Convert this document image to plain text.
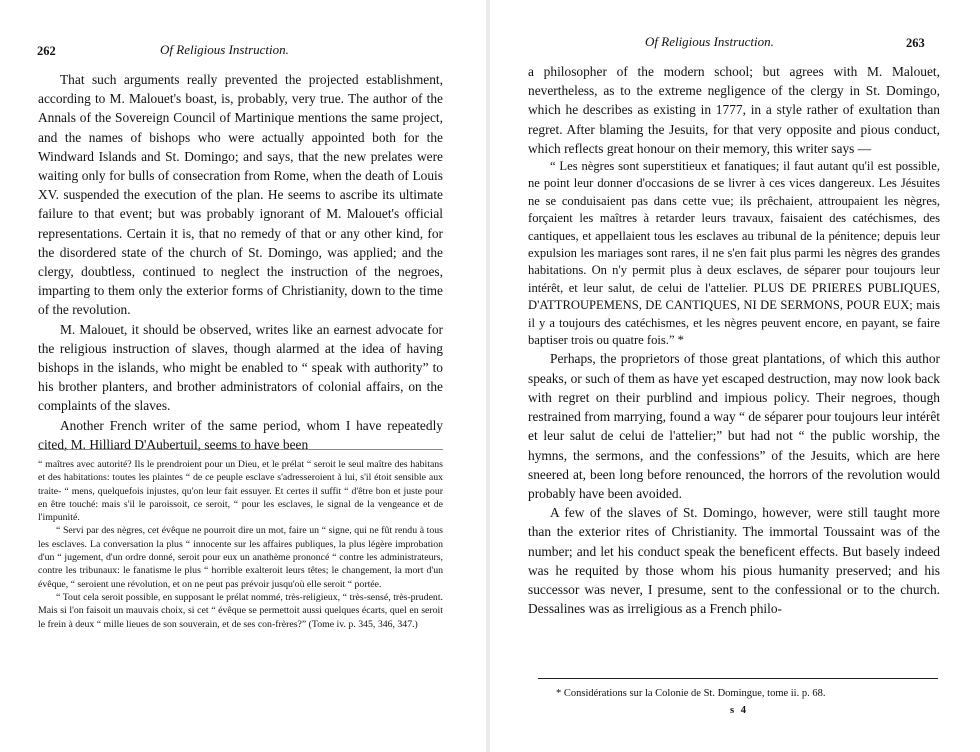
262	Of Religious Instruction.

That such arguments really prevented the projected establishment, according to M. Malouet's boast, is, probably, very true. The author of the Annals of the Sovereign Council of Martinique mentions the same project, and the names of bishops who were actually appointed both for the Windward Islands and St. Domingo; and says, that the new prelates were waiting only for bulls of consecration from Rome, when the death of Louis XV. suspended the execution of the plan. He seems to ascribe its ultimate failure to that event; but was probably ignorant of M. Malouet's official representations. Certain it is, that no remedy of that or any other kind, for the disordered state of the church of St. Domingo, was applied; and the clergy, doubtless, continued to neglect the instruction of the negroes, imparting to them only the exterior forms of Christianity, down to the time of the revolution.

M. Malouet, it should be observed, writes like an earnest advocate for the religious instruction of slaves, though alarmed at the idea of having bishops in the islands, who might be enabled to “ speak with authority” to his brother planters, and brother administrators of colonial affairs, on the complaints of the slaves.

Another French writer of the same period, whom I have repeatedly cited, M. Hilliard D'Aubertuil, seems to have been

“ maîtres avec autorité? Ils le prendroient pour un Dieu, et le prélat “ seroit le seul maître des habitans et des habitations: toutes les plaintes “ de ce peuple esclave s'adresseroient à lui, s'il étoit sensible aux traite- “ mens, quelquefois injustes, qu'on leur fait essuyer. Et certes il suffit “ d'être bon et juste pour en être touché: mais s'il le paroissoit, ce seroit, “ pour les esclaves, le signal de la vengeance et de l'impunité.

“ Servi par des nègres, cet évêque ne pourroit dire un mot, faire un “ signe, qui ne fût rendu à tous les esclaves. La conversation la plus “ innocente sur les affaires publiques, la plus légère improbation d'un “ jugement, d'un ordre donné, seroit pour eux un anathème prononcé “ contre les administrateurs, contre les tribunaux: le fanatisme le plus “ horrible exalteroit leurs têtes; le changement, la mort d'un évêque, “ seroient une révolution, et on ne peut pas prévoir jusqu'où elle seroit “ portée.

“ Tout cela seroit possible, en supposant le prélat nommé, très-religieux, “ très-sensé, très-prudent. Mais si l'on faisoit un mauvais choix, si cet “ évêque se permettoit aussi quelques écarts, quel en seroit le frein à deux “ mille lieues de son souverain, et de ses con-frères?” (Tome iv. p. 345, 346, 347.)

Of Religious Instruction.	263

a philosopher of the modern school; but agrees with M. Malouet, nevertheless, as to the extreme negligence of the clergy in St. Domingo, which he describes as existing in 1777, in a style rather of exultation than regret. After blaming the Jesuits, for that very opposite and pious conduct, which reflects great honour on their memory, this writer says —

“ Les nègres sont superstitieux et fanatiques; il faut autant qu'il est possible, ne point leur donner d'occasions de se livrer à ces vices dangereux. Les Jésuites ne se conduisaient pas dans cette vue; ils prêchaient, attroupaient les nègres, forçaient les maîtres à retarder leurs travaux, faisaient des catéchismes, des cantiques, et appellaient tous les esclaves au tribunal de la pénitence; depuis leur expulsion les mariages sont rares, il ne s'en fait plus parmi les nègres des grandes habitations. On n'y permit plus à deux esclaves, de séparer pour toujours leur intérêt, et leur salut, de celui de l'attelier. PLUS DE PRIERES PUBLIQUES, D'ATTROUPEMENS, DE CANTIQUES, NI DE SERMONS, POUR EUX; mais il y a toujours des catéchismes, et les nègres peuvent encore, en payant, se faire baptiser trois ou quatre fois.” *

Perhaps, the proprietors of those great plantations, of which this author speaks, or such of them as have yet escaped destruction, may now look back with regret on their purblind and impious policy. Their negroes, though restrained from marrying, found a way “ de séparer pour toujours leur intérêt et leur salut de celui de l'attelier;” but had not “ the public worship, the hymns, the sermons, and the confessions” of the Jesuits, which are here sneered at, been long before renounced, the horrors of the revolution would probably have been avoided.

A few of the slaves of St. Domingo, however, were still taught more than the exterior rites of Christianity. The immortal Toussaint was of the number; and let his conduct speak the beneficent effects. But basely indeed was he requited by those whom his pious humanity preserved; and his successor was never, I presume, sent to the confessional or to the church. Dessalines was as irreligious as a French philo-

* Considérations sur la Colonie de St. Domingue, tome ii. p. 68.

s 4
